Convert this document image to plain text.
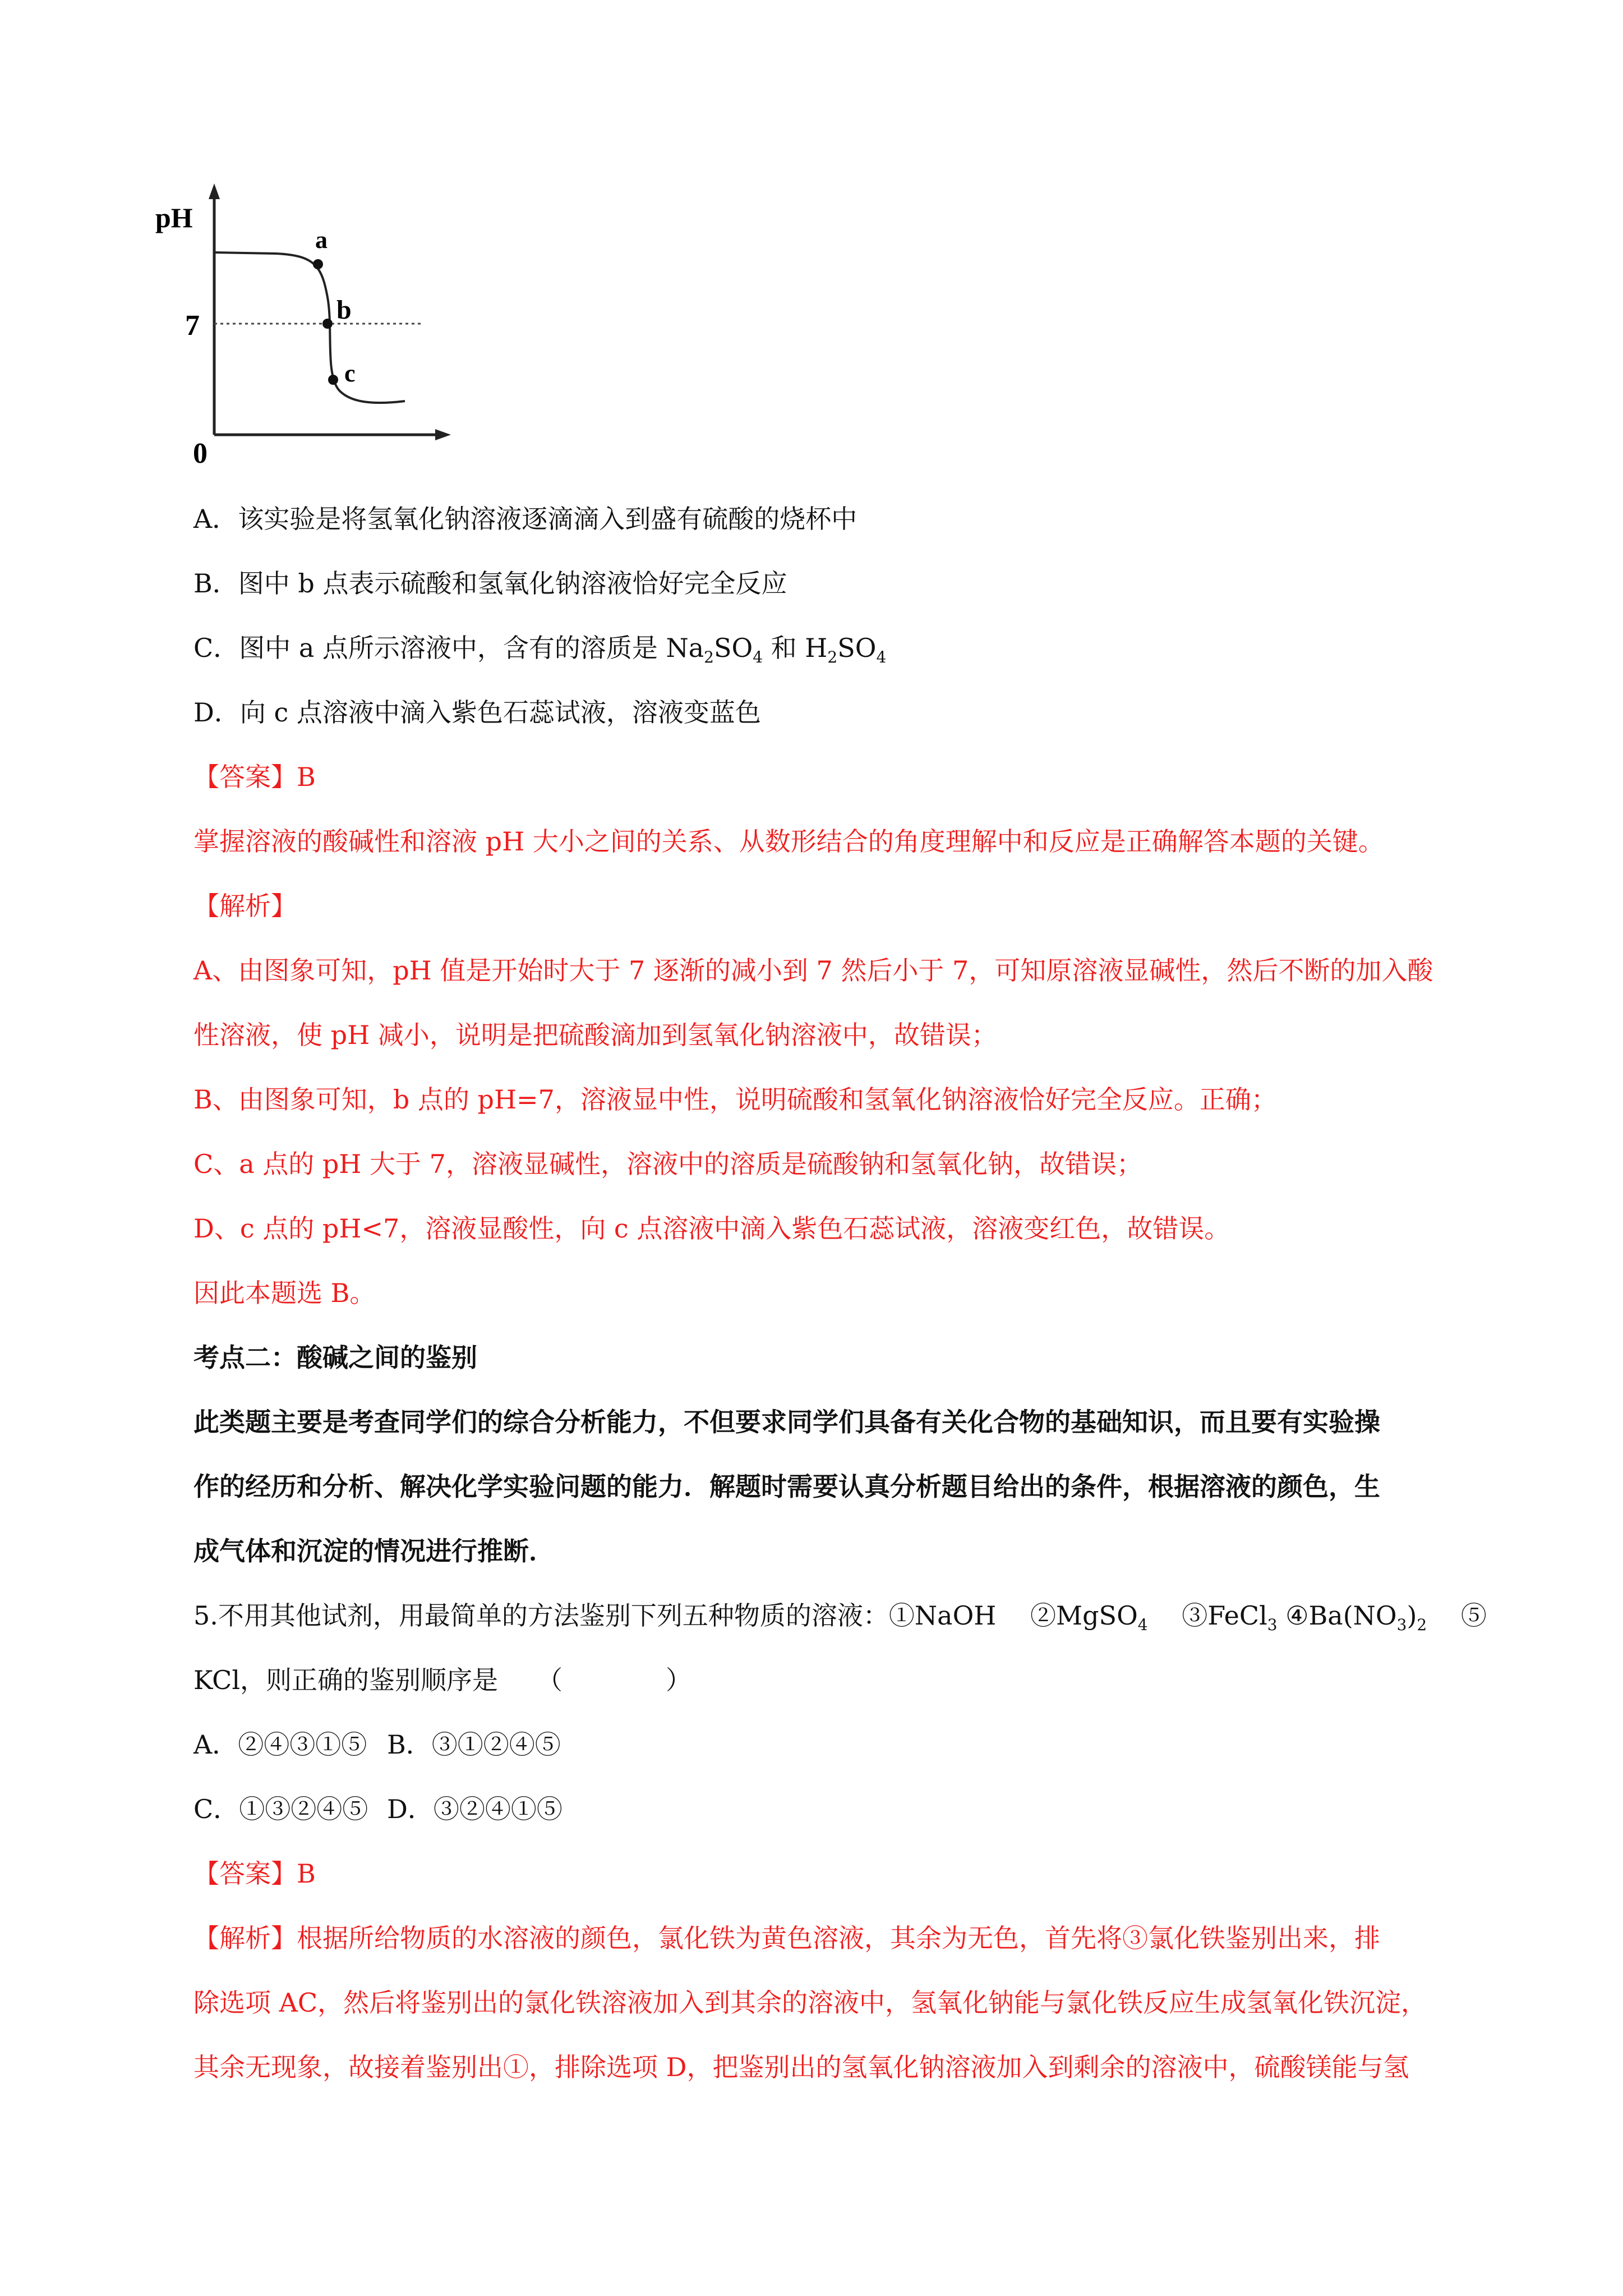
pH
7
0
a
b
c
A．该实验是将氢氧化钠溶液逐滴滴入到盛有硫酸的烧杯中
B．图中 b 点表示硫酸和氢氧化钠溶液恰好完全反应
C．图中 a 点所示溶液中，含有的溶质是 $Na_2SO_4$ 和 $H_2SO_4$
D．向 c 点溶液中滴入紫色石蕊试液，溶液变蓝色
【答案】B
掌握溶液的酸碱性和溶液 pH 大小之间的关系、从数形结合的角度理解中和反应是正确解答本题的关键。
【解析】
A、由图象可知，pH 值是开始时大于 7 逐渐的减小到 7 然后小于 7，可知原溶液显碱性，然后不断的加入酸
性溶液，使 pH 减小，说明是把硫酸滴加到氢氧化钠溶液中，故错误；
B、由图象可知，b 点的 pH=7，溶液显中性，说明硫酸和氢氧化钠溶液恰好完全反应。正确；
C、a 点的 pH 大于 7，溶液显碱性，溶液中的溶质是硫酸钠和氢氧化钠，故错误；
D、c 点的 pH<7，溶液显酸性，向 c 点溶液中滴入紫色石蕊试液，溶液变红色，故错误。
因此本题选 B。
考点二：酸碱之间的鉴别
此类题主要是考查同学们的综合分析能力，不但要求同学们具备有关化合物的基础知识，而且要有实验操
作的经历和分析、解决化学实验问题的能力．解题时需要认真分析题目给出的条件，根据溶液的颜色，生
成气体和沉淀的情况进行推断．
5.不用其他试剂，用最简单的方法鉴别下列五种物质的溶液：①NaOH　 ②MgSO$_4$　 ③FeCl$_3$ $④Ba(NO_3)_2$　 ⑤
KCl，则正确的鉴别顺序是　　（　　　　）
A．②④③①⑤ B．③①②④⑤
C．①③②④⑤ D．③②④①⑤
【答案】B
【解析】根据所给物质的水溶液的颜色，氯化铁为黄色溶液，其余为无色，首先将③氯化铁鉴别出来，排
除选项 AC，然后将鉴别出的氯化铁溶液加入到其余的溶液中，氢氧化钠能与氯化铁反应生成氢氧化铁沉淀，
其余无现象，故接着鉴别出①，排除选项 D，把鉴别出的氢氧化钠溶液加入到剩余的溶液中，硫酸镁能与氢
